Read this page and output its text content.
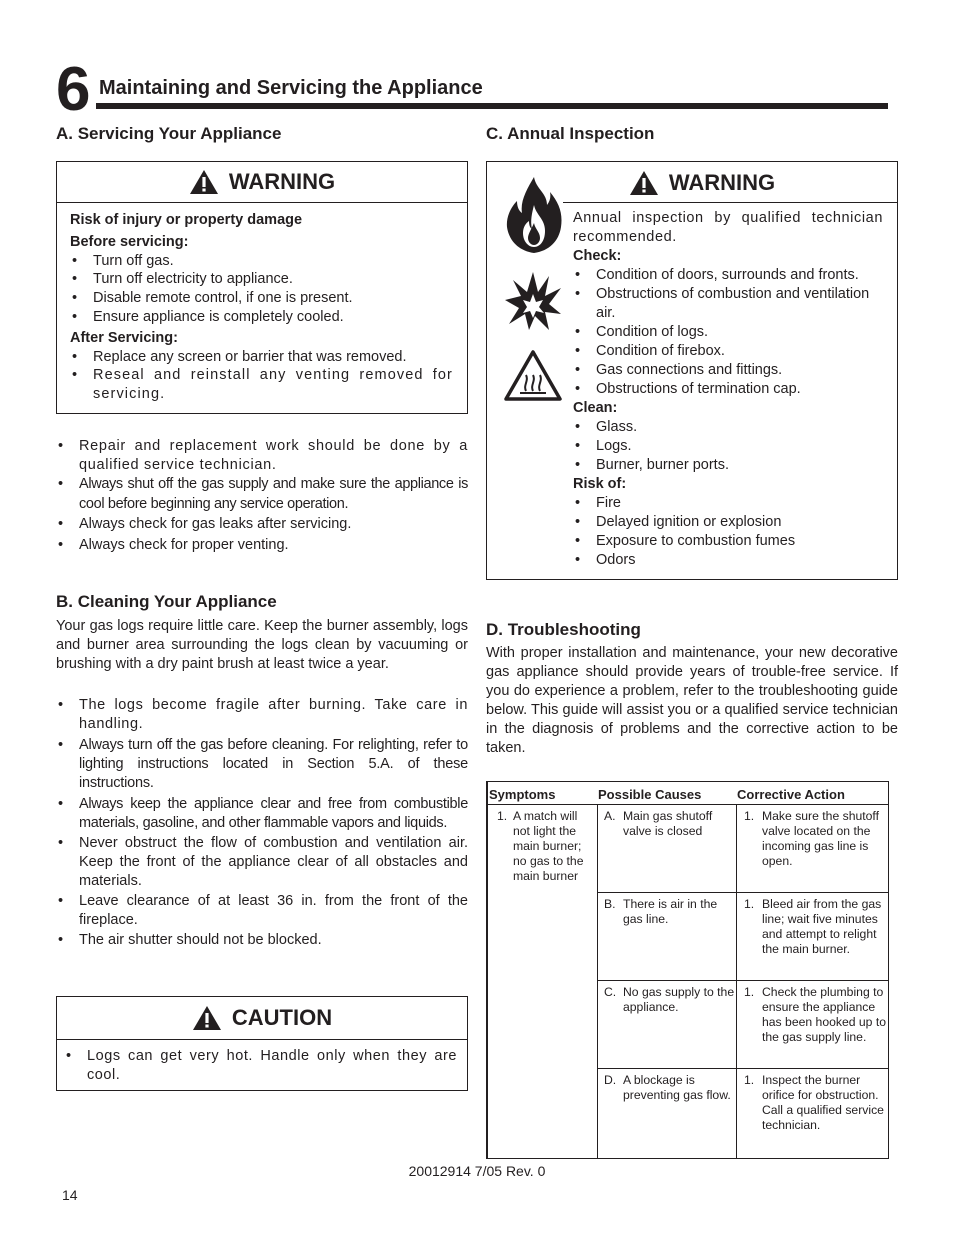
6 Maintaining and Servicing the Appliance
A. Servicing Your Appliance
WARNING
Risk of injury or property damage
Before servicing:
• Turn off gas.
• Turn off electricity to appliance.
• Disable remote control, if one is present.
• Ensure appliance is completely cooled.
After Servicing:
• Replace any screen or barrier that was removed.
• Reseal and reinstall any venting removed for servicing.
• Repair and replacement work should be done by a qualified service technician.
• Always shut off the gas supply and make sure the appliance is cool before beginning any service operation.
• Always check for gas leaks after servicing.
• Always check for proper venting.
B. Cleaning Your Appliance
Your gas logs require little care. Keep the burner assembly, logs and burner area surrounding the logs clean by vacuuming or brushing with a dry paint brush at least twice a year.
• The logs become fragile after burning. Take care in handling.
• Always turn off the gas before cleaning. For relighting, refer to lighting instructions located in Section 5.A. of these instructions.
• Always keep the appliance clear and free from combustible materials, gasoline, and other flammable vapors and liquids.
• Never obstruct the flow of combustion and ventilation air. Keep the front of the appliance clear of all obstacles and materials.
• Leave clearance of at least 36 in. from the front of the fireplace.
• The air shutter should not be blocked.
CAUTION
• Logs can get very hot. Handle only when they are cool.
C. Annual Inspection
WARNING
Annual inspection by qualified technician recommended.
Check:
• Condition of doors, surrounds and fronts.
• Obstructions of combustion and ventilation air.
• Condition of logs.
• Condition of firebox.
• Gas connections and fittings.
• Obstructions of termination cap.
Clean:
• Glass.
• Logs.
• Burner, burner ports.
Risk of:
• Fire
• Delayed ignition or explosion
• Exposure to combustion fumes
• Odors
D. Troubleshooting
With proper installation and maintenance, your new decorative gas appliance should provide years of trouble-free service. If you do experience a problem, refer to the troubleshooting guide below. This guide will assist you or a qualified service technician in the diagnosis of problems and the corrective action to be taken.
Symptoms	Possible Causes	Corrective Action
1. A match will not light the main burner; no gas to the main burner
A. Main gas shutoff valve is closed
1. Make sure the shutoff valve located on the incoming gas line is open.
B. There is air in the gas line.
1. Bleed air from the gas line; wait five minutes and attempt to relight the main burner.
C. No gas supply to the appliance.
1. Check the plumbing to ensure the appliance has been hooked up to the gas supply line.
D. A blockage is preventing gas flow.
1. Inspect the burner orifice for obstruction. Call a qualified service technician.
20012914 7/05 Rev. 0
14
